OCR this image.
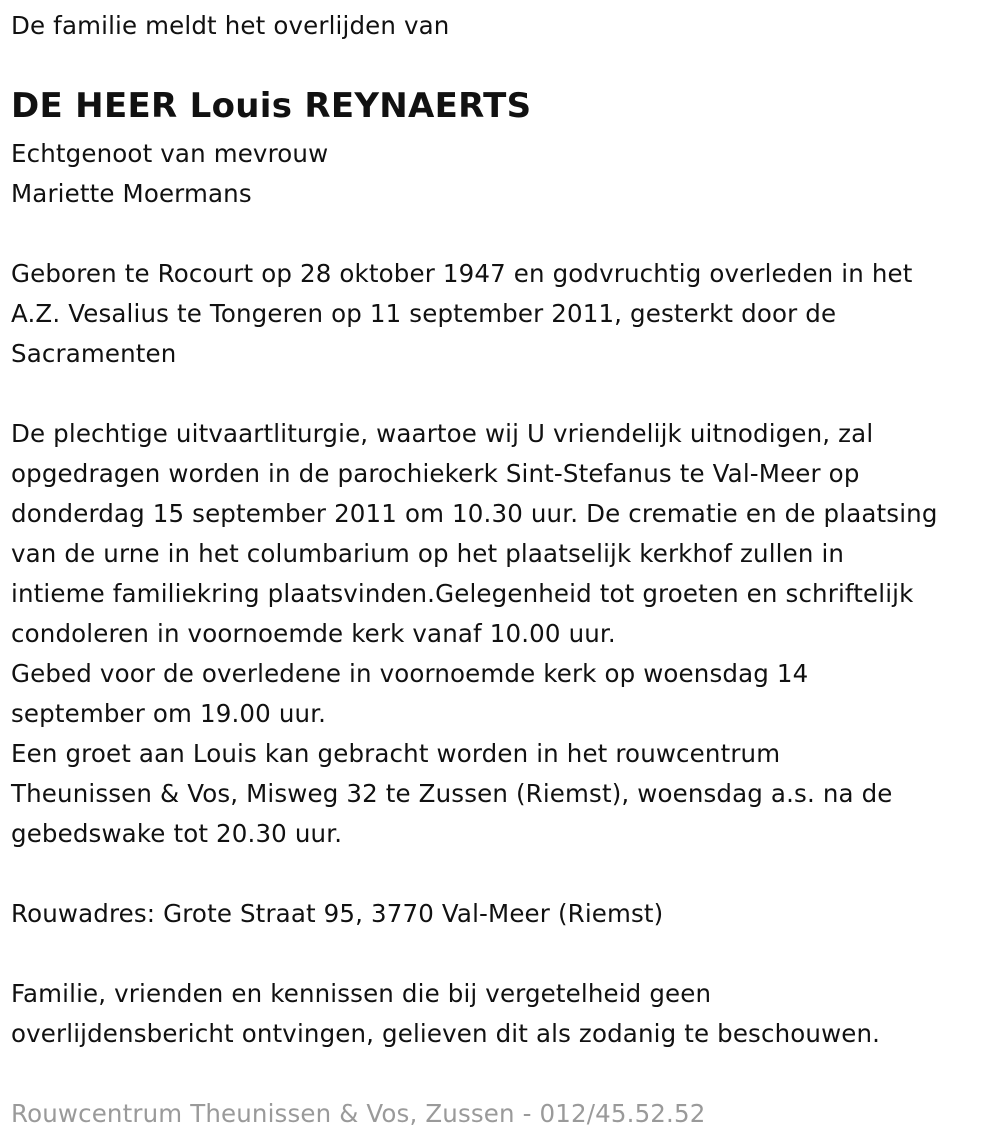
De familie meldt het overlijden van
DE HEER Louis REYNAERTS
Echtgenoot van mevrouw
Mariette Moermans
Geboren te Rocourt op 28 oktober 1947 en godvruchtig overleden in het
A.Z. Vesalius te Tongeren op 11 september 2011, gesterkt door de
Sacramenten
De plechtige uitvaartliturgie, waartoe wij U vriendelijk uitnodigen, zal
opgedragen worden in de parochiekerk Sint-Stefanus te Val-Meer op
donderdag 15 september 2011 om 10.30 uur. De crematie en de plaatsing
van de urne in het columbarium op het plaatselijk kerkhof zullen in
intieme familiekring plaatsvinden.Gelegenheid tot groeten en schriftelijk
condoleren in voornoemde kerk vanaf 10.00 uur.
Gebed voor de overledene in voornoemde kerk op woensdag 14
september om 19.00 uur.
Een groet aan Louis kan gebracht worden in het rouwcentrum
Theunissen & Vos, Misweg 32 te Zussen (Riemst), woensdag a.s. na de
gebedswake tot 20.30 uur.
Rouwadres: Grote Straat 95, 3770 Val-Meer (Riemst)
Familie, vrienden en kennissen die bij vergetelheid geen
overlijdensbericht ontvingen, gelieven dit als zodanig te beschouwen.
Rouwcentrum Theunissen & Vos, Zussen - 012/45.52.52
